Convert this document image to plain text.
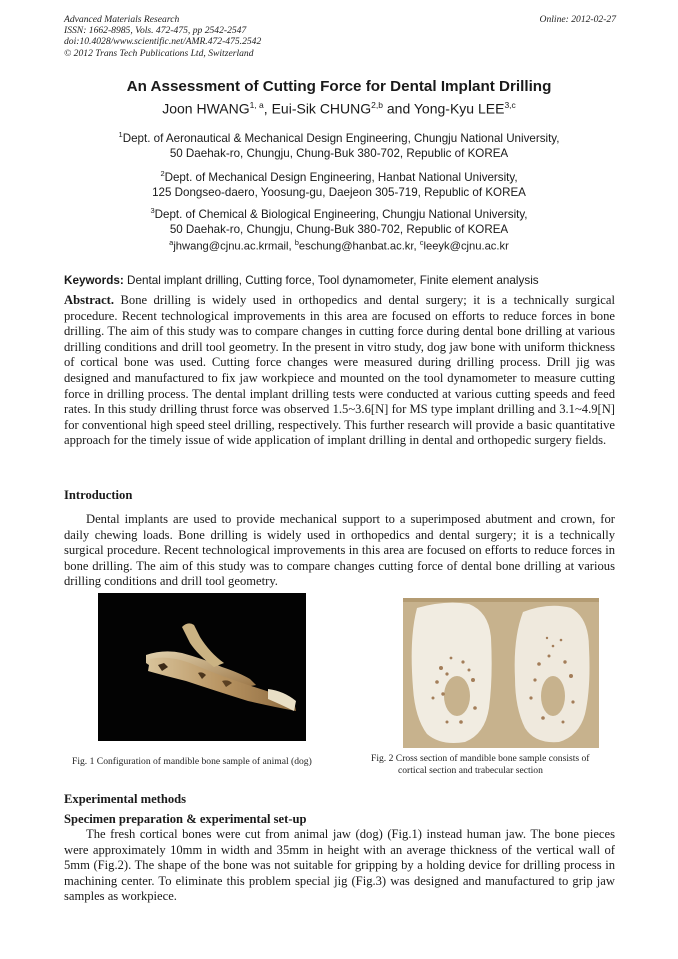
Advanced Materials Research
ISSN: 1662-8985, Vols. 472-475, pp 2542-2547
doi:10.4028/www.scientific.net/AMR.472-475.2542
© 2012 Trans Tech Publications Ltd, Switzerland
Online: 2012-02-27
An Assessment of Cutting Force for Dental Implant Drilling
Joon HWANG$^{1, a}$, Eui-Sik CHUNG$^{2,b}$ and Yong-Kyu LEE$^{3,c}$
$^1$Dept. of Aeronautical & Mechanical Design Engineering, Chungju National University,
50 Daehak-ro, Chungju, Chung-Buk 380-702, Republic of KOREA
$^2$Dept. of Mechanical Design Engineering, Hanbat National University,
125 Dongseo-daero, Yoosung-gu, Daejeon 305-719, Republic of KOREA
$^3$Dept. of Chemical & Biological Engineering, Chungju National University,
50 Daehak-ro, Chungju, Chung-Buk 380-702, Republic of KOREA
$^a$jhwang@cjnu.ac.krmail, $^b$eschung@hanbat.ac.kr, $^c$leeyk@cjnu.ac.kr
Keywords: Dental implant drilling, Cutting force, Tool dynamometer, Finite element analysis
Abstract. Bone drilling is widely used in orthopedics and dental surgery; it is a technically surgical procedure. Recent technological improvements in this area are focused on efforts to reduce forces in bone drilling. The aim of this study was to compare changes in cutting force during dental bone drilling at various drilling conditions and drill tool geometry. In the present in vitro study, dog jaw bone with uniform thickness of cortical bone was used. Cutting force changes were measured during drilling process. Drill jig was designed and manufactured to fix jaw workpiece and mounted on the tool dynamometer to measure cutting force in drilling process. The dental implant drilling tests were conducted at various cutting speeds and feed rates. In this study drilling thrust force was observed 1.5~3.6[N] for MS type implant drilling and 3.1~4.9[N] for conventional high speed steel drilling, respectively. This further research will provide a basic quantitative approach for the timely issue of wide application of implant drilling in dental and orthopedic surgery fields.
Introduction
Dental implants are used to provide mechanical support to a superimposed abutment and crown, for daily chewing loads. Bone drilling is widely used in orthopedics and dental surgery; it is a technically surgical procedure. Recent technological improvements in this area are focused on efforts to reduce forces in bone drilling. The aim of this study was to compare changes cutting force of dental bone drilling at various drilling conditions and drill tool geometry.
Fig. 1 Configuration of mandible bone sample of animal (dog)	Fig. 2 Cross section of mandible bone sample consists of
cortical section and trabecular section
Experimental methods
Specimen preparation & experimental set-up
The fresh cortical bones were cut from animal jaw (dog) (Fig.1) instead human jaw. The bone pieces were approximately 10mm in width and 35mm in height with an average thickness of the vertical wall of 5mm (Fig.2). The shape of the bone was not suitable for gripping by a holding device for drilling process in machining center. To eliminate this problem special jig (Fig.3) was designed and manufactured to grip jaw samples as workpiece.
